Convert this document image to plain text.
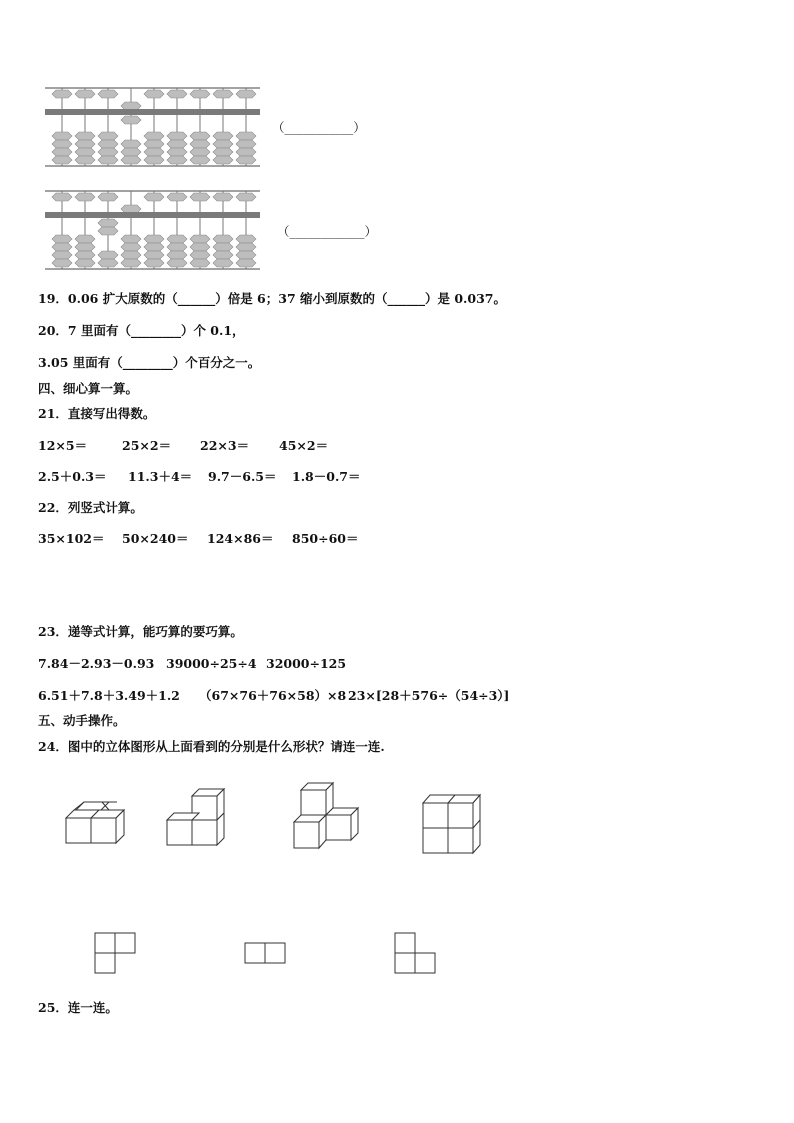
（___________）
（____________）
19．0.06 扩大原数的（______）倍是 6；37 缩小到原数的（______）是 0.037。
20．7 里面有（________）个 0.1，
3.05 里面有（________）个百分之一。
四、细心算一算。
21．直接写出得数。
12×5＝	25×2＝ 22×3＝ 45×2＝
2.5＋0.3＝ 11.3＋4＝ 9.7－6.5＝ 1.8－0.7＝
22．列竖式计算。
35×102＝ 50×240＝ 124×86＝ 850÷60＝
23．递等式计算，能巧算的要巧算。
7.84－2.93－0.93 39000÷25÷4 32000÷125
6.51＋7.8＋3.49＋1.2 （67×76＋76×58）×8 23×[28＋576÷（54÷3）]
五、动手操作。
24．图中的立体图形从上面看到的分别是什么形状？请连一连.
25．连一连。
